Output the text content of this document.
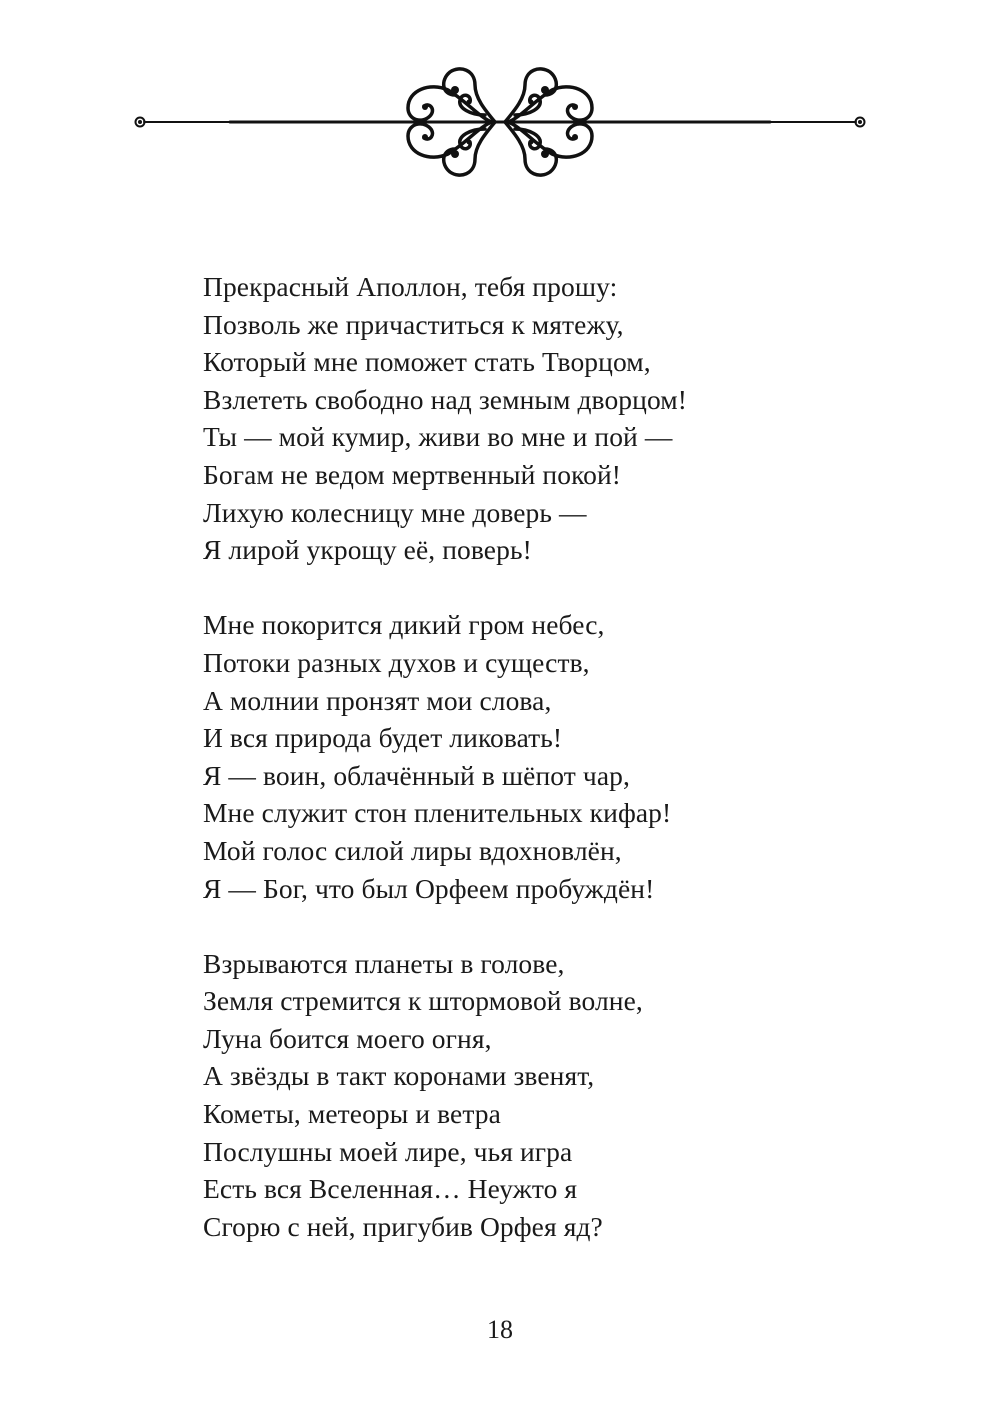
Прекрасный Аполлон, тебя прошу:
Позволь же причаститься к мятежу,
Который мне поможет стать Творцом,
Взлететь свободно над земным дворцом!
Ты — мой кумир, живи во мне и пой —
Богам не ведом мертвенный покой!
Лихую колесницу мне доверь —
Я лирой укрощу её, поверь!
Мне покорится дикий гром небес,
Потоки разных духов и существ,
А молнии пронзят мои слова,
И вся природа будет ликовать!
Я — воин, облачённый в шёпот чар,
Мне служит стон пленительных кифар!
Мой голос силой лиры вдохновлён,
Я — Бог, что был Орфеем пробуждён!
Взрываются планеты в голове,
Земля стремится к штормовой волне,
Луна боится моего огня,
А звёзды в такт коронами звенят,
Кометы, метеоры и ветра
Послушны моей лире, чья игра
Есть вся Вселенная… Неужто я
Сгорю с ней, пригубив Орфея яд?
18
